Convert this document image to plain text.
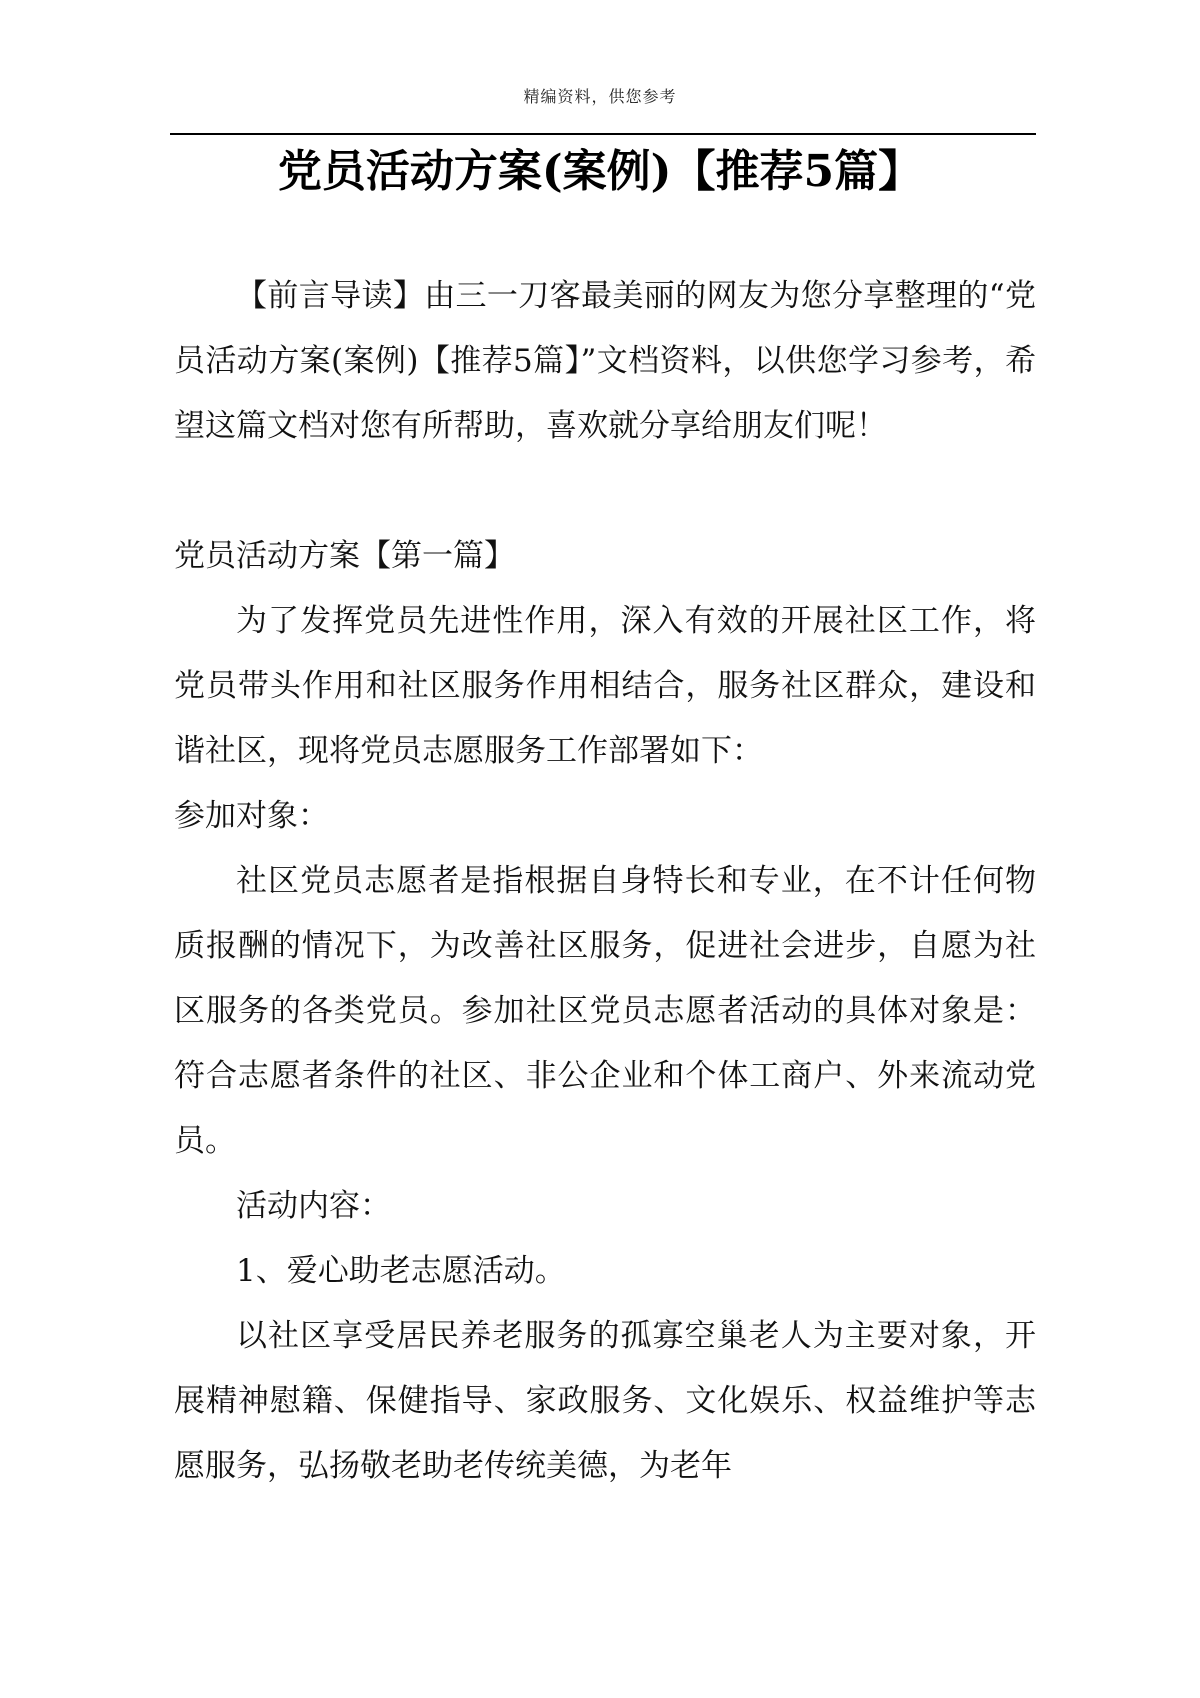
精编资料，供您参考
党员活动方案(案例)【推荐5篇】

【前言导读】由三一刀客最美丽的网友为您分享整理的“党员活动方案(案例)【推荐5篇】”文档资料，以供您学习参考，希望这篇文档对您有所帮助，喜欢就分享给朋友们呢！

党员活动方案【第一篇】

为了发挥党员先进性作用，深入有效的开展社区工作，将党员带头作用和社区服务作用相结合，服务社区群众，建设和谐社区，现将党员志愿服务工作部署如下：

参加对象：

社区党员志愿者是指根据自身特长和专业，在不计任何物质报酬的情况下，为改善社区服务，促进社会进步，自愿为社区服务的各类党员。参加社区党员志愿者活动的具体对象是：符合志愿者条件的社区、非公企业和个体工商户、外来流动党员。

活动内容：

1、爱心助老志愿活动。

以社区享受居民养老服务的孤寡空巢老人为主要对象，开展精神慰籍、保健指导、家政服务、文化娱乐、权益维护等志愿服务，弘扬敬老助老传统美德，为老年
